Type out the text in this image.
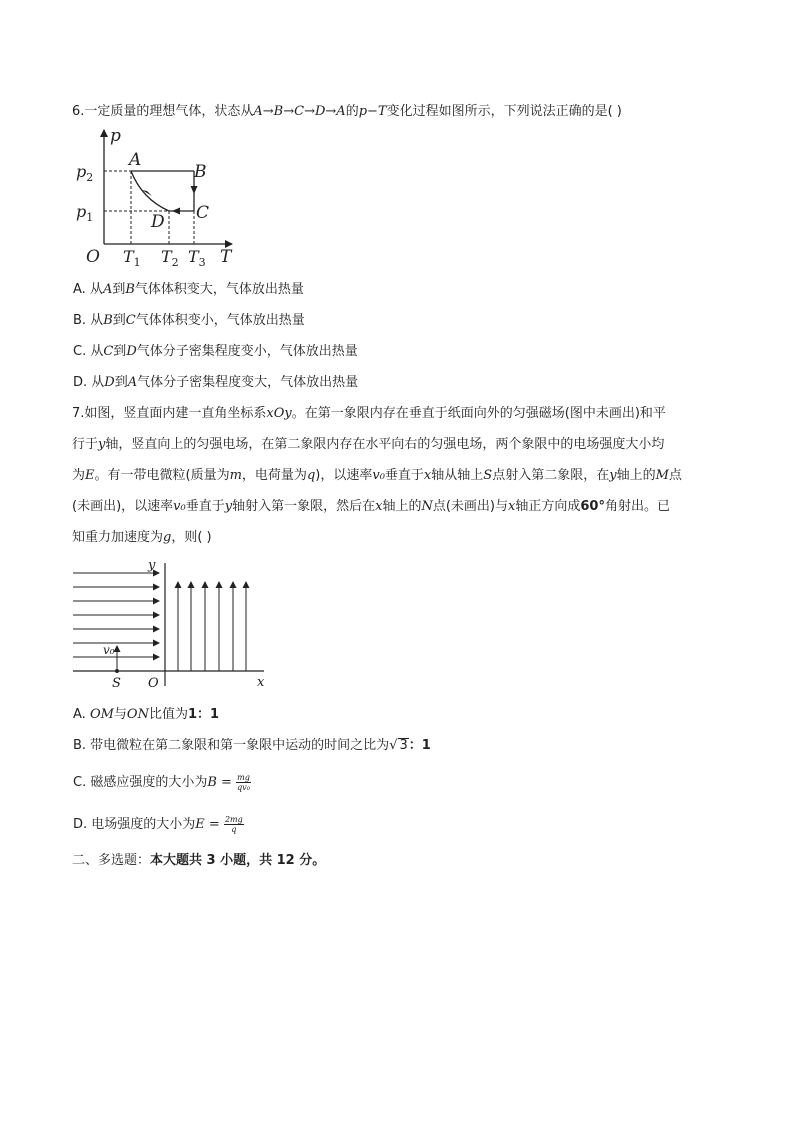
6.一定质量的理想气体，状态从A→B→C→D→A的p−T变化过程如图所示，下列说法正确的是( )
p
T
O
$p_2$
$p_1$
$T_1$ $T_2$ $T_3$
A
B
C
D
A. 从A到B气体体积变大，气体放出热量
B. 从B到C气体体积变小，气体放出热量
C. 从C到D气体分子密集程度变小，气体放出热量
D. 从D到A气体分子密集程度变大，气体放出热量
7.如图，竖直面内建一直角坐标系xOy。在第一象限内存在垂直于纸面向外的匀强磁场(图中未画出)和平
行于y轴，竖直向上的匀强电场，在第二象限内存在水平向右的匀强电场，两个象限中的电场强度大小均
为E。有一带电微粒(质量为m，电荷量为q)，以速率v₀垂直于x轴从轴上S点射入第二象限，在y轴上的M点
(未画出)，以速率v₀垂直于y轴射入第一象限，然后在x轴上的N点(未画出)与x轴正方向成60°角射出。已
知重力加速度为g，则( )
y
x
v₀
S O
A. OM与ON比值为1：1
B. 带电微粒在第二象限和第一象限中运动的时间之比为√ 3：1
C. 磁感应强度的大小为$B = \frac{mg}{\text{qv₀}}$
D. 电场强度的大小为$E = \frac{2mg}{q}$
二、多选题：本大题共 3 小题，共 12 分。
